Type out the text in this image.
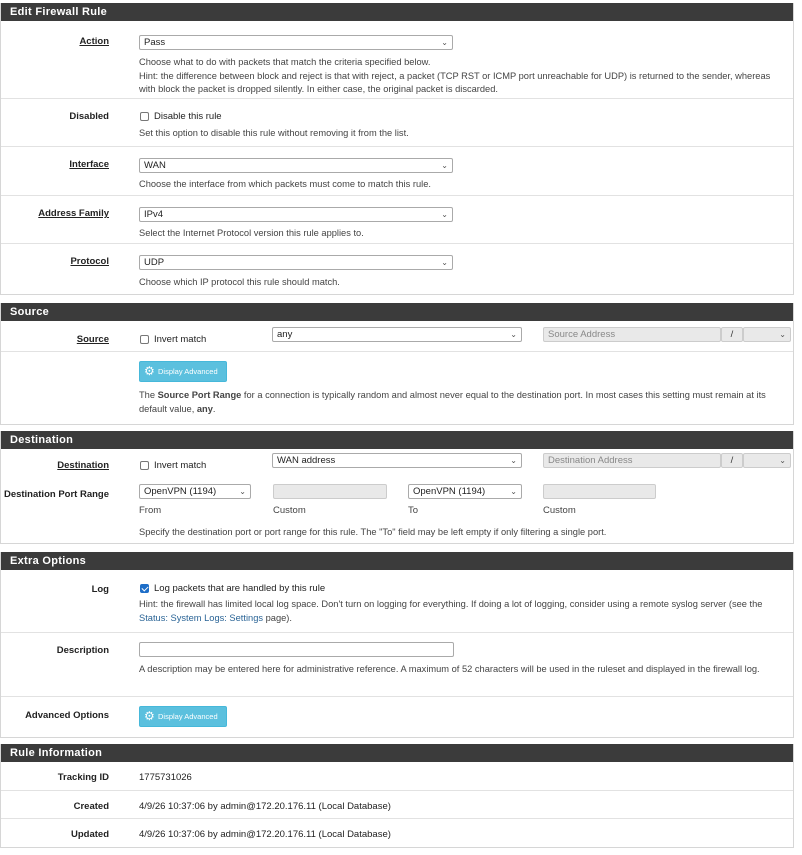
Edit Firewall Rule
Action	Pass	⌄
Choose what to do with packets that match the criteria specified below.
Hint: the difference between block and reject is that with reject, a packet (TCP RST or ICMP port unreachable for UDP) is returned to the sender, whereas with block the packet is dropped silently. In either case, the original packet is discarded.
Disabled	Disable this rule
Set this option to disable this rule without removing it from the list.
Interface	WAN	⌄
Choose the interface from which packets must come to match this rule.
Address Family	IPv4	⌄
Select the Internet Protocol version this rule applies to.
Protocol	UDP	⌄
Choose which IP protocol this rule should match.
Source
Source	Invert match	any	⌄	Source Address	/	⌄
⚙ Display Advanced
The Source Port Range for a connection is typically random and almost never equal to the destination port. In most cases this setting must remain at its default value, any.
Destination
Destination	Invert match	WAN address	⌄	Destination Address	/	⌄
Destination Port Range	OpenVPN (1194)	⌄	OpenVPN (1194)	⌄
From	Custom	To	Custom
Specify the destination port or port range for this rule. The "To" field may be left empty if only filtering a single port.
Extra Options
Log	Log packets that are handled by this rule
Hint: the firewall has limited local log space. Don't turn on logging for everything. If doing a lot of logging, consider using a remote syslog server (see the Status: System Logs: Settings page).
Description
A description may be entered here for administrative reference. A maximum of 52 characters will be used in the ruleset and displayed in the firewall log.
Advanced Options	⚙ Display Advanced
Rule Information
Tracking ID	1775731026
Created	4/9/26 10:37:06 by admin@172.20.176.11 (Local Database)
Updated	4/9/26 10:37:06 by admin@172.20.176.11 (Local Database)
